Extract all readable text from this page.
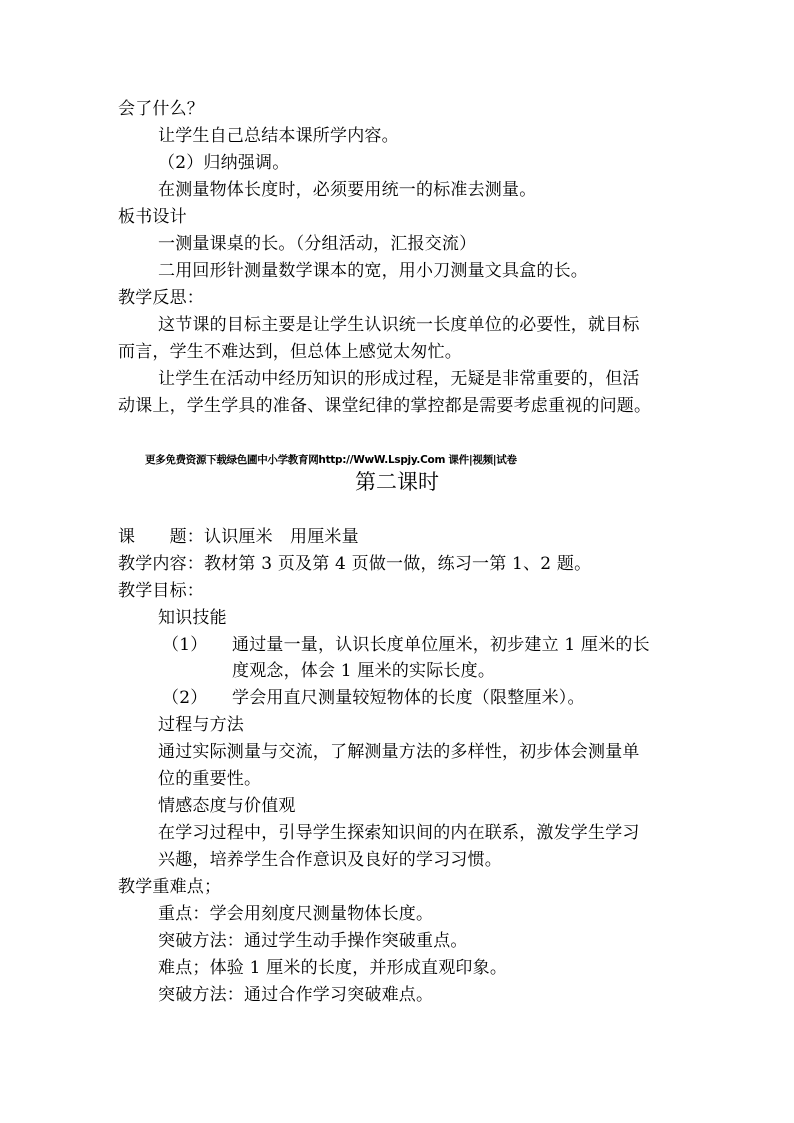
会了什么？
让学生自己总结本课所学内容。
（2）归纳强调。
在测量物体长度时，必须要用统一的标准去测量。
板书设计
一测量课桌的长。（分组活动，汇报交流）
二用回形针测量数学课本的宽，用小刀测量文具盒的长。
教学反思：
这节课的目标主要是让学生认识统一长度单位的必要性，就目标
而言，学生不难达到，但总体上感觉太匆忙。
让学生在活动中经历知识的形成过程，无疑是非常重要的，但活
动课上，学生学具的准备、课堂纪律的掌控都是需要考虑重视的问题。
更多免费资源下载绿色圃中小学教育网http://WwW.Lspjy.Com 课件|视频|试卷
第二课时
课　　题：认识厘米　用厘米量
教学内容：教材第 3 页及第 4 页做一做，练习一第 1、2 题。
教学目标：
知识技能
（1） 通过量一量，认识长度单位厘米，初步建立 1 厘米的长
度观念，体会 1 厘米的实际长度。
（2） 学会用直尺测量较短物体的长度（限整厘米）。
过程与方法
通过实际测量与交流，了解测量方法的多样性，初步体会测量单
位的重要性。
情感态度与价值观
在学习过程中，引导学生探索知识间的内在联系，激发学生学习
兴趣，培养学生合作意识及良好的学习习惯。
教学重难点；
重点：学会用刻度尺测量物体长度。
突破方法：通过学生动手操作突破重点。
难点；体验 1 厘米的长度，并形成直观印象。
突破方法：通过合作学习突破难点。
